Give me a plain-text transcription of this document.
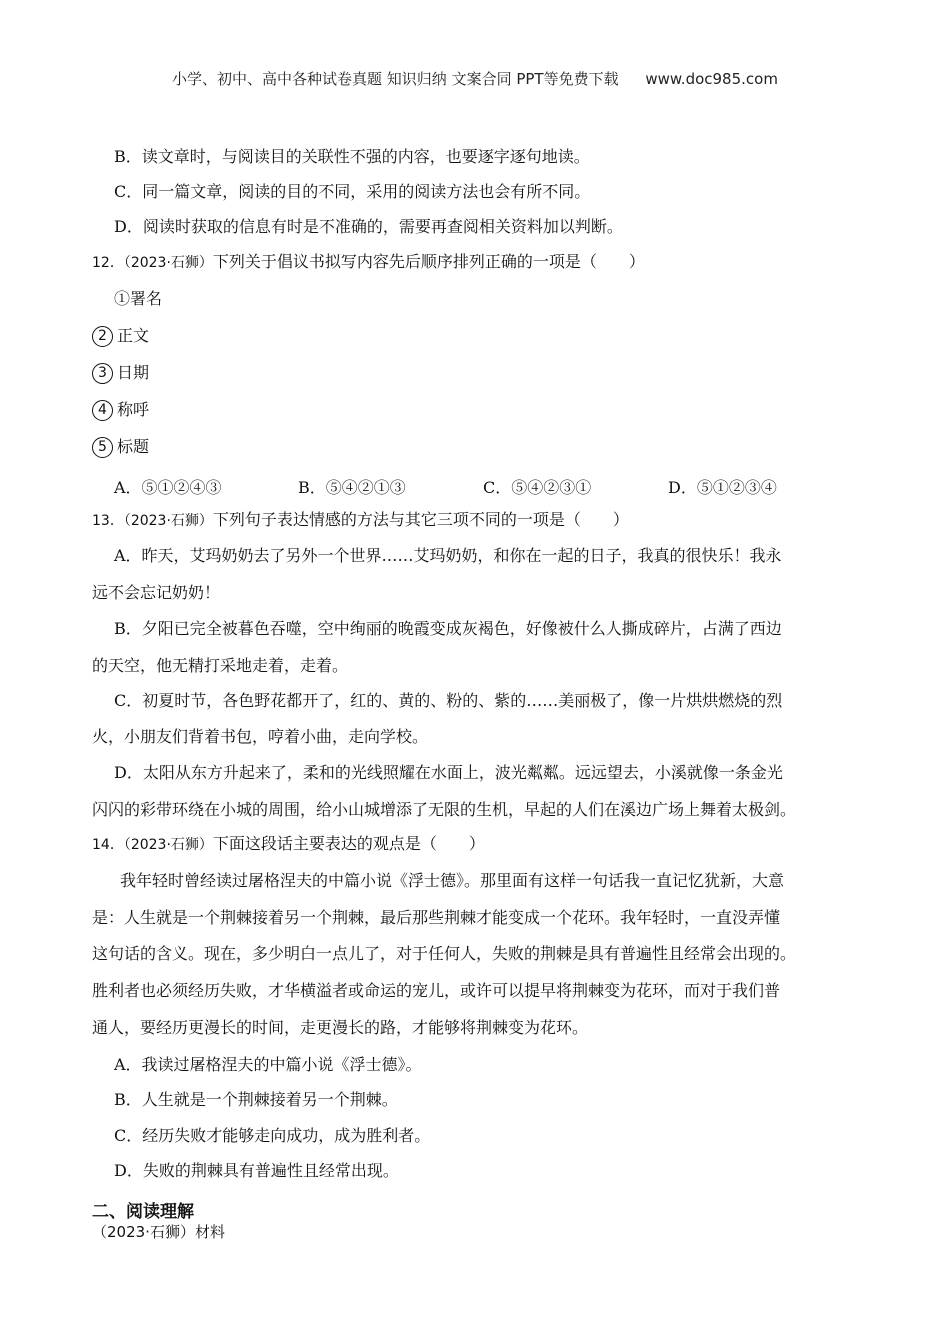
小学、初中、高中各种试卷真题 知识归纳 文案合同 PPT等免费下载 www.doc985.com
B．读文章时，与阅读目的关联性不强的内容，也要逐字逐句地读。
C．同一篇文章，阅读的目的不同，采用的阅读方法也会有所不同。
D．阅读时获取的信息有时是不准确的，需要再查阅相关资料加以判断。
12．（2023·石狮）下列关于倡议书拟写内容先后顺序排列正确的一项是（　　）
①署名
2 正文
3 日期
4 称呼
5 标题
A．⑤①②④③	B．⑤④②①③	C．⑤④②③①	D．⑤①②③④
13．（2023·石狮）下列句子表达情感的方法与其它三项不同的一项是（　　）
A．昨天，艾玛奶奶去了另外一个世界……艾玛奶奶，和你在一起的日子，我真的很快乐！我永
远不会忘记奶奶！
B．夕阳已完全被暮色吞噬，空中绚丽的晚霞变成灰褐色，好像被什么人撕成碎片，占满了西边
的天空，他无精打采地走着，走着。
C．初夏时节，各色野花都开了，红的、黄的、粉的、紫的……美丽极了，像一片烘烘燃烧的烈
火，小朋友们背着书包，哼着小曲，走向学校。
D．太阳从东方升起来了，柔和的光线照耀在水面上，波光粼粼。远远望去，小溪就像一条金光
闪闪的彩带环绕在小城的周围，给小山城增添了无限的生机，早起的人们在溪边广场上舞着太极剑。
14．（2023·石狮）下面这段话主要表达的观点是（　　）
我年轻时曾经读过屠格涅夫的中篇小说《浮士德》。那里面有这样一句话我一直记忆犹新，大意
是：人生就是一个荆棘接着另一个荆棘，最后那些荆棘才能变成一个花环。我年轻时，一直没弄懂
这句话的含义。现在，多少明白一点儿了，对于任何人，失败的荆棘是具有普遍性且经常会出现的。
胜利者也必须经历失败，才华横溢者或命运的宠儿，或许可以提早将荆棘变为花环，而对于我们普
通人，要经历更漫长的时间，走更漫长的路，才能够将荆棘变为花环。
A．我读过屠格涅夫的中篇小说《浮士德》。
B．人生就是一个荆棘接着另一个荆棘。
C．经历失败才能够走向成功，成为胜利者。
D．失败的荆棘具有普遍性且经常出现。
二、阅读理解
（2023·石狮）材料
